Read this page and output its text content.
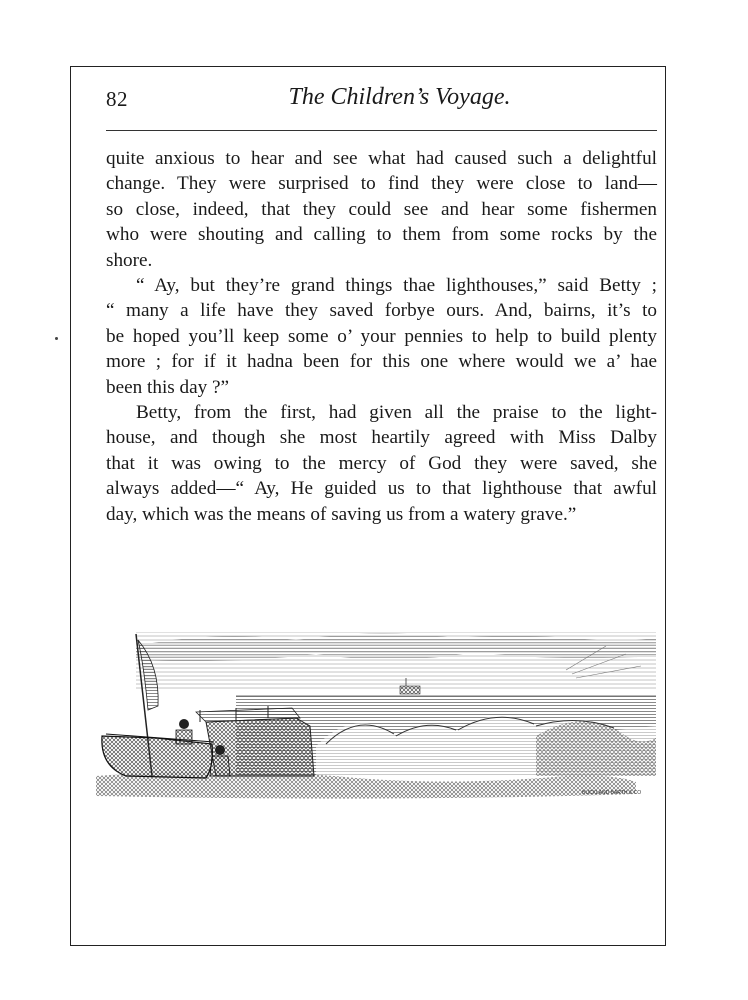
82	The Children’s Voyage.

quite anxious to hear and see what had caused such a delightful
change. They were surprised to find they were close to land—
so close, indeed, that they could see and hear some fishermen
who were shouting and calling to them from some rocks by the
shore.

“ Ay, but they’re grand things thae lighthouses,” said Betty ;
“ many a life have they saved forbye ours. And, bairns, it’s to
be hoped you’ll keep some o’ your pennies to help to build plenty
more ; for if it hadna been for this one where would we a’ hae
been this day ?”

Betty, from the first, had given all the praise to the light-
house, and though she most heartily agreed with Miss Dalby
that it was owing to the mercy of God they were saved, she
always added—“ Ay, He guided us to that lighthouse that awful
day, which was the means of saving us from a watery grave.”

BUCKLAND BARTH & CO
